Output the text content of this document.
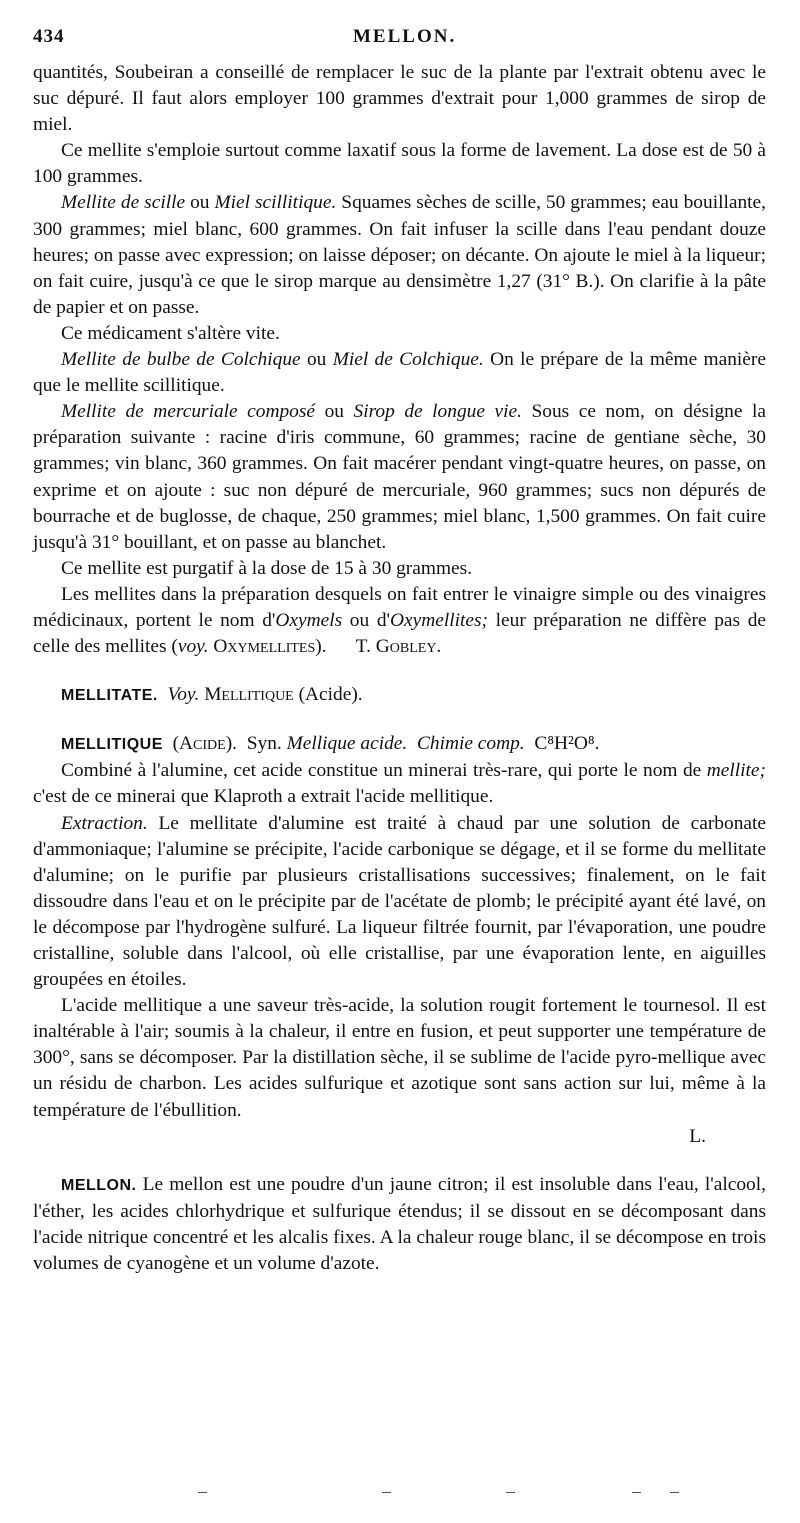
434	MELLON.

quantités, Soubeiran a conseillé de remplacer le suc de la plante par l'extrait obtenu avec le suc dépuré. Il faut alors employer 100 grammes d'extrait pour 1,000 grammes de sirop de miel.

Ce mellite s'emploie surtout comme laxatif sous la forme de lavement. La dose est de 50 à 100 grammes.

Mellite de scille ou Miel scillitique. Squames sèches de scille, 50 grammes; eau bouillante, 300 grammes; miel blanc, 600 grammes. On fait infuser la scille dans l'eau pendant douze heures; on passe avec expression; on laisse déposer; on décante. On ajoute le miel à la liqueur; on fait cuire, jusqu'à ce que le sirop marque au densimètre 1,27 (31° B.). On clarifie à la pâte de papier et on passe.

Ce médicament s'altère vite.

Mellite de bulbe de Colchique ou Miel de Colchique. On le prépare de la même manière que le mellite scillitique.

Mellite de mercuriale composé ou Sirop de longue vie. Sous ce nom, on désigne la préparation suivante : racine d'iris commune, 60 grammes; racine de gentiane sèche, 30 grammes; vin blanc, 360 grammes. On fait macérer pendant vingt-quatre heures, on passe, on exprime et on ajoute : suc non dépuré de mercuriale, 960 grammes; sucs non dépurés de bourrache et de buglosse, de chaque, 250 grammes; miel blanc, 1,500 grammes. On fait cuire jusqu'à 31° bouillant, et on passe au blanchet.

Ce mellite est purgatif à la dose de 15 à 30 grammes.

Les mellites dans la préparation desquels on fait entrer le vinaigre simple ou des vinaigres médicinaux, portent le nom d'Oxymels ou d'Oxymellites; leur préparation ne diffère pas de celle des mellites (voy. Oxymellites). T. Gobley.

MELLITATE. Voy. Mellitique (Acide).

MELLITIQUE  (Acide).  Syn. Mellique acide. Chimie comp. C⁸H²O⁸.

Combiné à l'alumine, cet acide constitue un minerai très-rare, qui porte le nom de mellite; c'est de ce minerai que Klaproth a extrait l'acide mellitique.

Extraction. Le mellitate d'alumine est traité à chaud par une solution de carbonate d'ammoniaque; l'alumine se précipite, l'acide carbonique se dégage, et il se forme du mellitate d'alumine; on le purifie par plusieurs cristallisations successives; finalement, on le fait dissoudre dans l'eau et on le précipite par de l'acétate de plomb; le précipité ayant été lavé, on le décompose par l'hydrogène sulfuré. La liqueur filtrée fournit, par l'évaporation, une poudre cristalline, soluble dans l'alcool, où elle cristallise, par une évaporation lente, en aiguilles groupées en étoiles.

L'acide mellitique a une saveur très-acide, la solution rougit fortement le tournesol. Il est inaltérable à l'air; soumis à la chaleur, il entre en fusion, et peut supporter une température de 300°, sans se décomposer. Par la distillation sèche, il se sublime de l'acide pyro-mellique avec un résidu de charbon. Les acides sulfurique et azotique sont sans action sur lui, même à la température de l'ébullition.

L.

MELLON. Le mellon est une poudre d'un jaune citron; il est insoluble dans l'eau, l'alcool, l'éther, les acides chlorhydrique et sulfurique étendus; il se dissout en se décomposant dans l'acide nitrique concentré et les alcalis fixes. A la chaleur rouge blanc, il se décompose en trois volumes de cyanogène et un volume d'azote.
